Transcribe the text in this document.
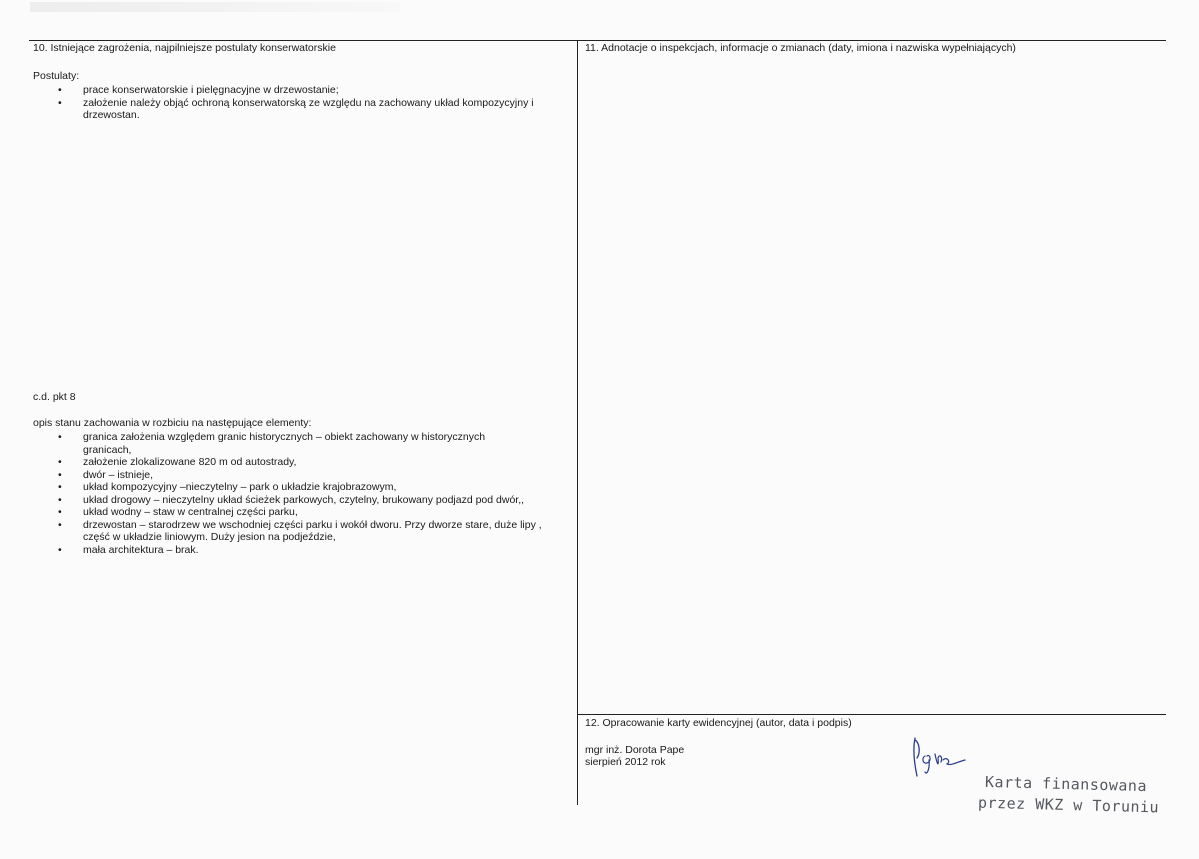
10. Istniejące zagrożenia, najpilniejsze postulaty konserwatorskie
Postulaty:
• prace konserwatorskie i pielęgnacyjne w drzewostanie;
• założenie należy objąć ochroną konserwatorską ze względu na zachowany układ kompozycyjny i drzewostan.
c.d. pkt 8
opis stanu zachowania w rozbiciu na następujące elementy:
• granica założenia względem granic historycznych – obiekt zachowany w historycznych granicach,
• założenie zlokalizowane 820 m od autostrady,
• dwór – istnieje,
• układ kompozycyjny –nieczytelny – park o układzie krajobrazowym,
• układ drogowy – nieczytelny układ ścieżek parkowych, czytelny, brukowany podjazd pod dwór,,
• układ wodny – staw w centralnej części parku,
• drzewostan – starodrzew we wschodniej części parku i wokół dworu. Przy dworze stare, duże lipy , część w układzie liniowym. Duży jesion na podjeździe,
• mała architektura – brak.
11. Adnotacje o inspekcjach, informacje o zmianach (daty, imiona i nazwiska wypełniających)
12. Opracowanie karty ewidencyjnej (autor, data i podpis)
mgr inż. Dorota Pape
sierpień 2012 rok
Karta finansowana
przez WKZ w Toruniu
